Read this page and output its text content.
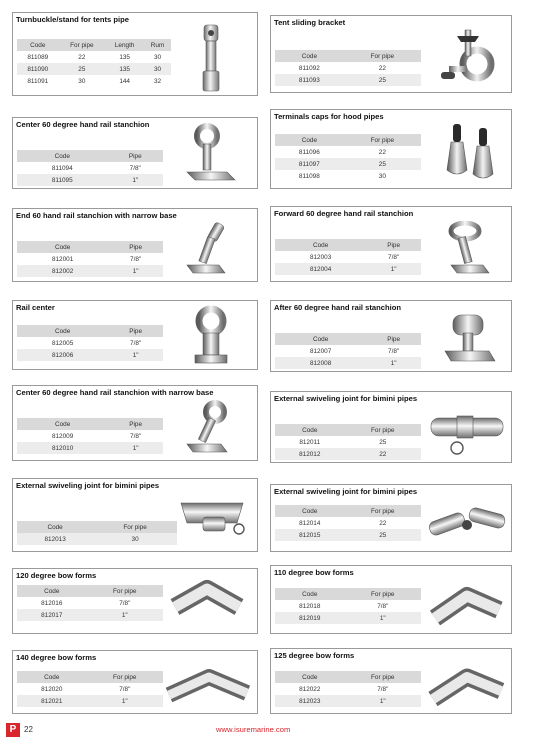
Turnbuckle/stand for tents pipe
Code	For pipe	Length	Rum
811089	22	135	30
811090	25	135	30
811091	30	144	32
Tent sliding bracket
Code	For pipe
811092	22
811093	25
Center 60 degree hand rail stanchion
Code	Pipe
811094	7/8"
811095	1"
Terminals caps for hood pipes
Code	For pipe
811096	22
811097	25
811098	30
End 60 hand rail stanchion with narrow base
Code	Pipe
812001	7/8"
812002	1"
Forward 60 degree hand rail stanchion
Code	Pipe
812003	7/8"
812004	1"
Rail center
Code	Pipe
812005	7/8"
812006	1"
After 60 degree hand rail stanchion
Code	Pipe
812007	7/8"
812008	1"
Center 60 degree hand rail stanchion with narrow base
Code	Pipe
812009	7/8"
812010	1"
External swiveling joint for bimini pipes
Code	For pipe
812011	25
812012	22
External swiveling joint for bimini pipes
Code	For pipe
812013	30
External swiveling joint for bimini pipes
Code	For pipe
812014	22
812015	25
120 degree bow forms
Code	For pipe
812016	7/8"
812017	1"
110 degree bow forms
Code	For pipe
812018	7/8"
812019	1"
140 degree bow forms
Code	For pipe
812020	7/8"
812021	1"
125 degree bow forms
Code	For pipe
812022	7/8"
812023	1"
P 22	www.isuremarine.com
